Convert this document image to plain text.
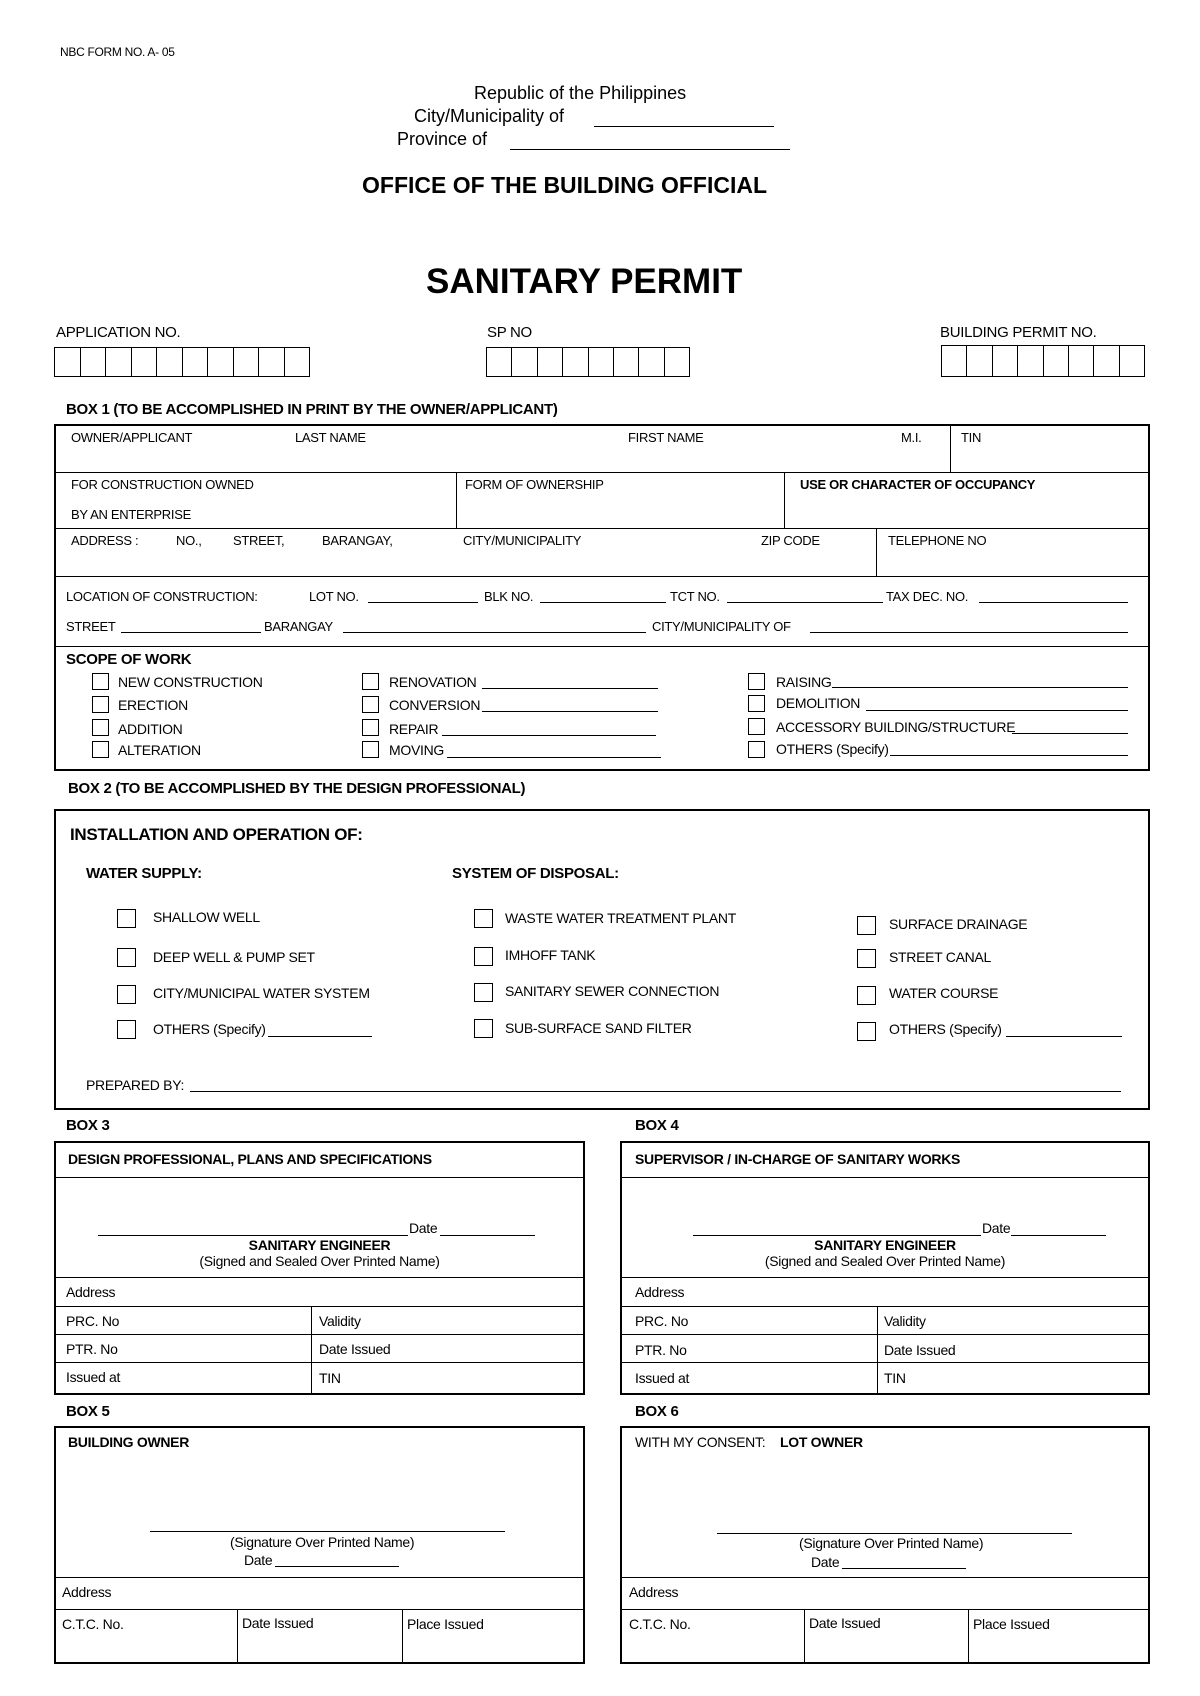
NBC FORM NO. A- 05
Republic of the Philippines
City/Municipality of
Province of
OFFICE OF THE BUILDING OFFICIAL
SANITARY PERMIT
APPLICATION NO.	SP NO	BUILDING PERMIT NO.
BOX 1 (TO BE ACCOMPLISHED IN PRINT BY THE OWNER/APPLICANT)
OWNER/APPLICANT	LAST NAME	FIRST NAME	M.I.	TIN
FOR CONSTRUCTION OWNED
BY AN ENTERPRISE
FORM OF OWNERSHIP	USE OR CHARACTER OF OCCUPANCY
ADDRESS :	NO., STREET,	BARANGAY,	CITY/MUNICIPALITY	ZIP CODE	TELEPHONE NO
LOCATION OF CONSTRUCTION:	LOT NO.	BLK NO.	TCT NO.	TAX DEC. NO.
STREET	BARANGAY	CITY/MUNICIPALITY OF
SCOPE OF WORK
NEW CONSTRUCTION
ERECTION
ADDITION
ALTERATION
RENOVATION
CONVERSION
REPAIR
MOVING
RAISING
DEMOLITION
ACCESSORY BUILDING/STRUCTURE
OTHERS (Specify)
BOX 2 (TO BE ACCOMPLISHED BY THE DESIGN PROFESSIONAL)
INSTALLATION AND OPERATION OF:
WATER SUPPLY:	SYSTEM OF DISPOSAL:
SHALLOW WELL
DEEP WELL & PUMP SET
CITY/MUNICIPAL WATER SYSTEM
OTHERS (Specify)
WASTE WATER TREATMENT PLANT
IMHOFF TANK
SANITARY SEWER CONNECTION
SUB-SURFACE SAND FILTER
SURFACE DRAINAGE
STREET CANAL
WATER COURSE
OTHERS (Specify)
PREPARED BY:
BOX 3
DESIGN PROFESSIONAL, PLANS AND SPECIFICATIONS
Date
SANITARY ENGINEER
(Signed and Sealed Over Printed Name)
Address
PRC. No	Validity
PTR. No	Date Issued
Issued at	TIN
BOX 4
SUPERVISOR / IN-CHARGE OF SANITARY WORKS
Date
SANITARY ENGINEER
(Signed and Sealed Over Printed Name)
Address
PRC. No	Validity
PTR. No	Date Issued
Issued at	TIN
BOX 5
BUILDING OWNER
(Signature Over Printed Name)
Date
Address
C.T.C. No.	Date Issued	Place Issued
BOX 6
WITH MY CONSENT: LOT OWNER
(Signature Over Printed Name)
Date
Address
C.T.C. No.	Date Issued	Place Issued
